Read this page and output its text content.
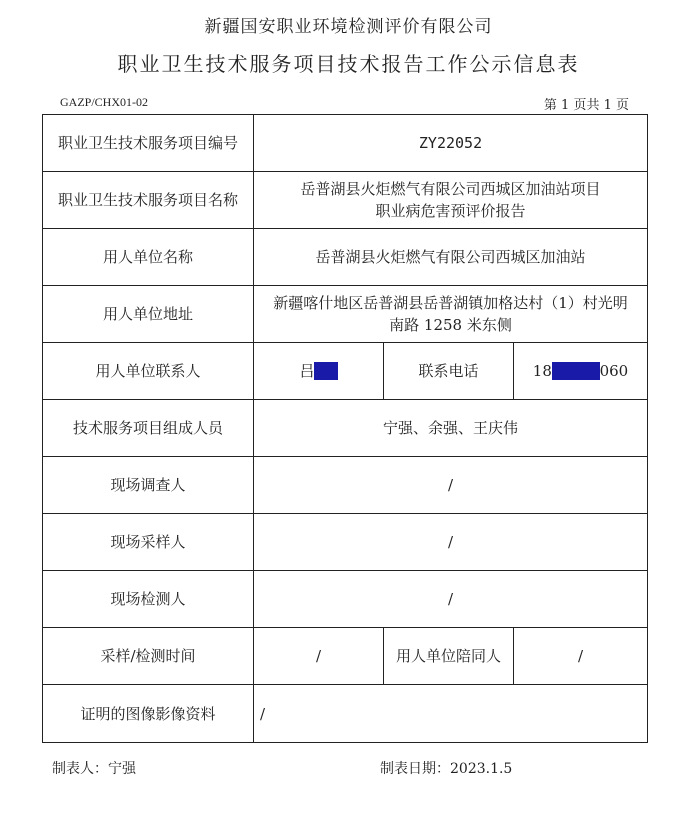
新疆国安职业环境检测评价有限公司
职业卫生技术服务项目技术报告工作公示信息表
GAZP/CHX01-02	第 1 页共 1 页
职业卫生技术服务项目编号	ZY22052		
职业卫生技术服务项目名称	岳普湖县火炬燃气有限公司西城区加油站项目
职业病危害预评价报告		

用人单位名称	岳普湖县火炬燃气有限公司西城区加油站		
用人单位地址	新疆喀什地区岳普湖县岳普湖镇加格达村（1）村光明
南路 1258 米东侧		

用人单位联系人	吕██	联系电话	1899961060
技术服务项目组成人员	宁强、余强、王庆伟		
现场调查人	/		
现场采样人	/		
现场检测人	/		
采样/检测时间	/	用人单位陪同人	/
证明的图像影像资料	/		
制表人：宁强	制表日期：2023.1.5
